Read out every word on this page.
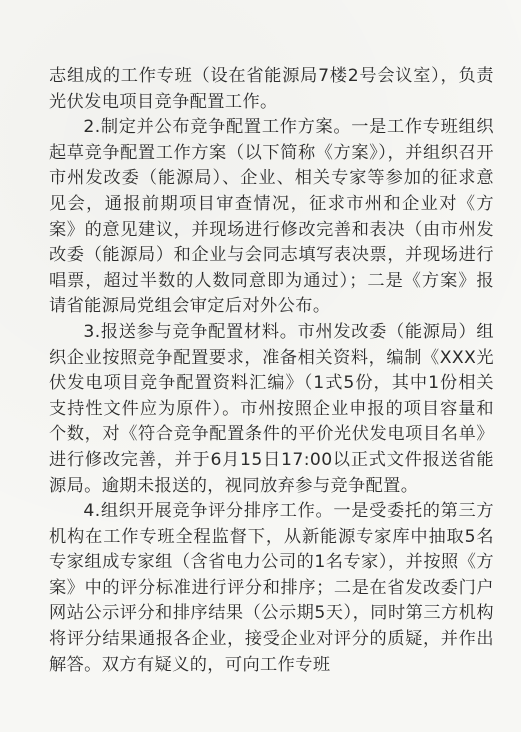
志组成的工作专班（设在省能源局7楼2号会议室），负责光伏发电项目竞争配置工作。

2.制定并公布竞争配置工作方案。一是工作专班组织起草竞争配置工作方案（以下简称《方案》），并组织召开市州发改委（能源局）、企业、相关专家等参加的征求意见会，通报前期项目审查情况，征求市州和企业对《方案》的意见建议，并现场进行修改完善和表决（由市州发改委（能源局）和企业与会同志填写表决票，并现场进行唱票，超过半数的人数同意即为通过）；二是《方案》报请省能源局党组会审定后对外公布。

3.报送参与竞争配置材料。市州发改委（能源局）组织企业按照竞争配置要求，准备相关资料，编制《XXX光伏发电项目竞争配置资料汇编》（1式5份，其中1份相关支持性文件应为原件）。市州按照企业申报的项目容量和个数，对《符合竞争配置条件的平价光伏发电项目名单》进行修改完善，并于6月15日17:00以正式文件报送省能源局。逾期未报送的，视同放弃参与竞争配置。

4.组织开展竞争评分排序工作。一是受委托的第三方机构在工作专班全程监督下，从新能源专家库中抽取5名专家组成专家组（含省电力公司的1名专家），并按照《方案》中的评分标准进行评分和排序；二是在省发改委门户网站公示评分和排序结果（公示期5天），同时第三方机构将评分结果通报各企业，接受企业对评分的质疑，并作出解答。双方有疑义的，可向工作专班
